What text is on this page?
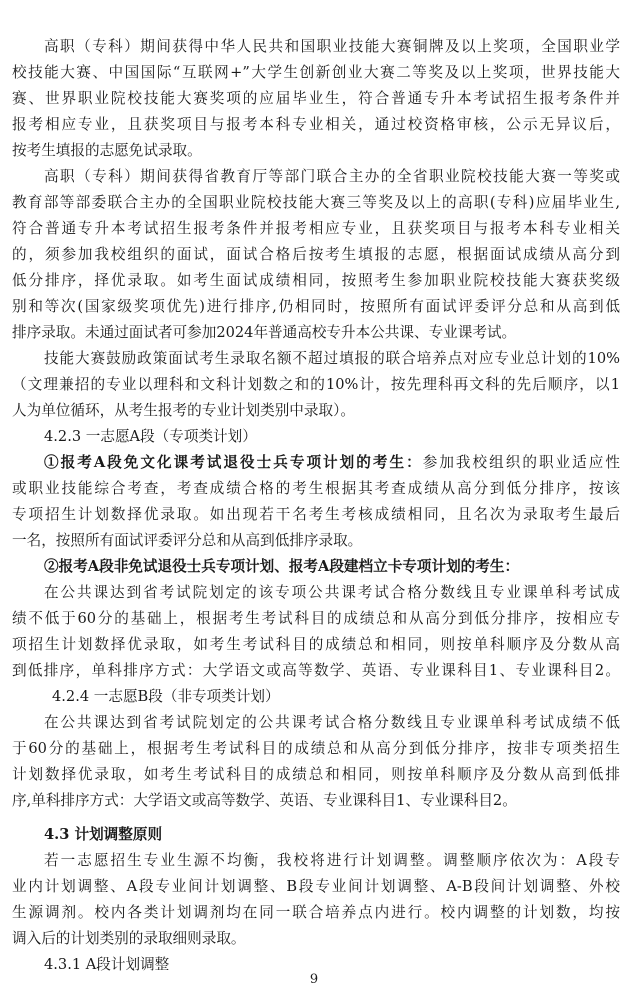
高职（专科）期间获得中华人民共和国职业技能大赛铜牌及以上奖项，全国职业学
校技能大赛、中国国际“互联网+”大学生创新创业大赛二等奖及以上奖项，世界技能大
赛、世界职业院校技能大赛奖项的应届毕业生，符合普通专升本考试招生报考条件并
报考相应专业，且获奖项目与报考本科专业相关，通过校资格审核，公示无异议后，
按考生填报的志愿免试录取。
高职（专科）期间获得省教育厅等部门联合主办的全省职业院校技能大赛一等奖或
教育部等部委联合主办的全国职业院校技能大赛三等奖及以上的高职(专科)应届毕业生,
符合普通专升本考试招生报考条件并报考相应专业，且获奖项目与报考本科专业相关
的，须参加我校组织的面试，面试合格后按考生填报的志愿，根据面试成绩从高分到
低分排序，择优录取。如考生面试成绩相同，按照考生参加职业院校技能大赛获奖级
别和等次(国家级奖项优先)进行排序,仍相同时，按照所有面试评委评分总和从高到低
排序录取。未通过面试者可参加2024年普通高校专升本公共课、专业课考试。
技能大赛鼓励政策面试考生录取名额不超过填报的联合培养点对应专业总计划的10%
（文理兼招的专业以理科和文科计划数之和的10%计，按先理科再文科的先后顺序，以1
人为单位循环，从考生报考的专业计划类别中录取）。
4.2.3 一志愿A段（专项类计划）
①报考A段免文化课考试退役士兵专项计划的考生：参加我校组织的职业适应性
或职业技能综合考查，考查成绩合格的考生根据其考查成绩从高分到低分排序，按该
专项招生计划数择优录取。如出现若干名考生考核成绩相同，且名次为录取考生最后
一名，按照所有面试评委评分总和从高到低排序录取。
②报考A段非免试退役士兵专项计划、报考A段建档立卡专项计划的考生：
在公共课达到省考试院划定的该专项公共课考试合格分数线且专业课单科考试成
绩不低于60分的基础上，根据考生考试科目的成绩总和从高分到低分排序，按相应专
项招生计划数择优录取，如考生考试科目的成绩总和相同，则按单科顺序及分数从高
到低排序，单科排序方式：大学语文或高等数学、英语、专业课科目1、专业课科目2。
4.2.4 一志愿B段（非专项类计划）
在公共课达到省考试院划定的公共课考试合格分数线且专业课单科考试成绩不低
于60分的基础上，根据考生考试科目的成绩总和从高分到低分排序，按非专项类招生
计划数择优录取，如考生考试科目的成绩总和相同，则按单科顺序及分数从高到低排
序,单科排序方式：大学语文或高等数学、英语、专业课科目1、专业课科目2。
4.3 计划调整原则
若一志愿招生专业生源不均衡，我校将进行计划调整。调整顺序依次为：A段专
业内计划调整、A段专业间计划调整、B段专业间计划调整、A-B段间计划调整、外校
生源调剂。校内各类计划调剂均在同一联合培养点内进行。校内调整的计划数，均按
调入后的计划类别的录取细则录取。
4.3.1 A段计划调整
9
